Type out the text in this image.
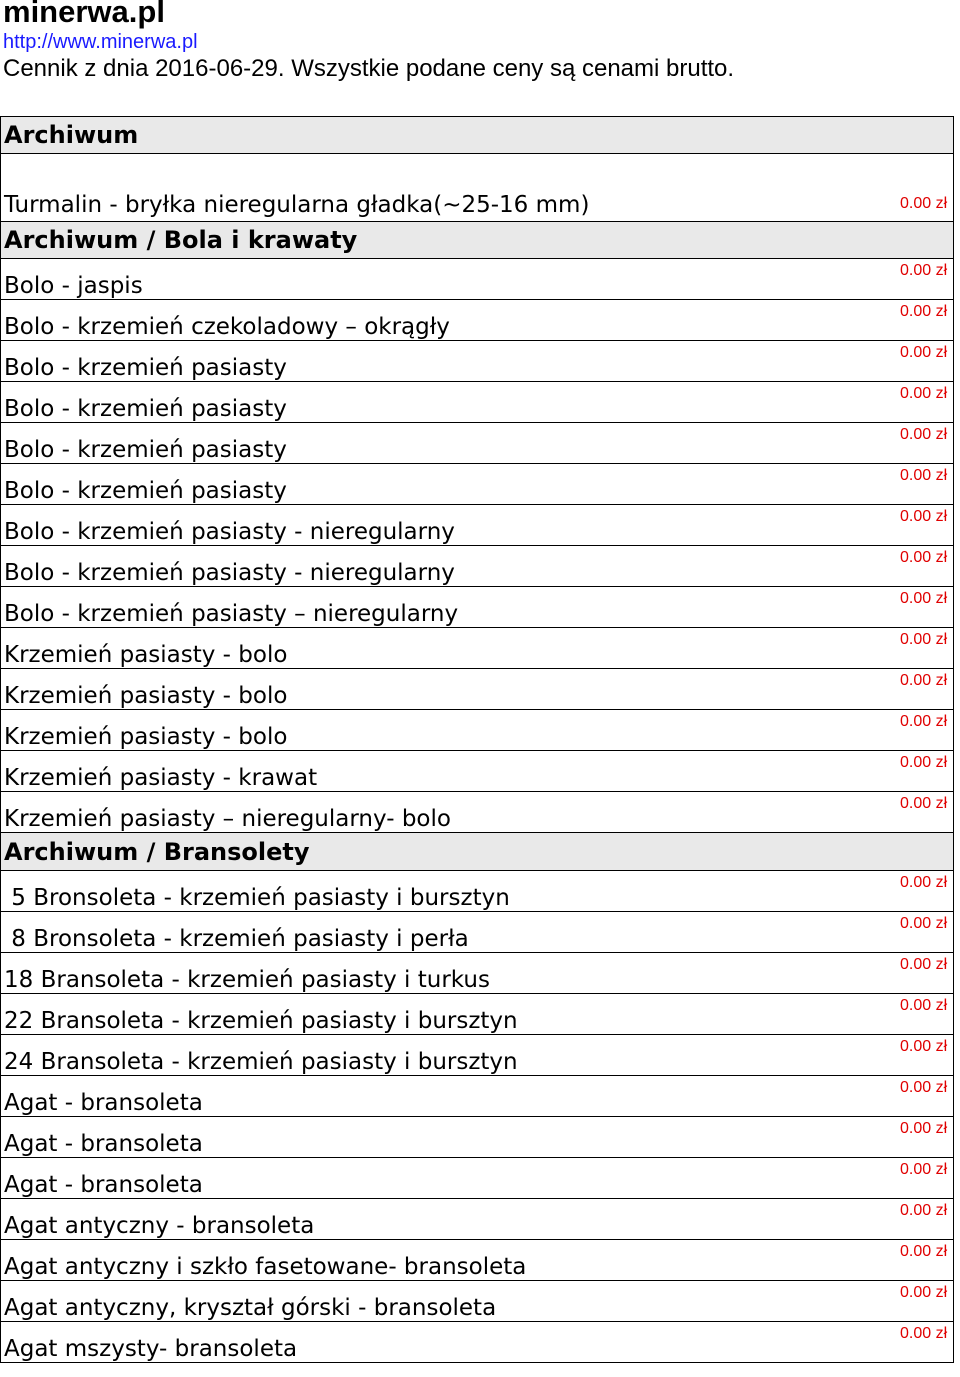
minerwa.pl
http://www.minerwa.pl
Cennik z dnia 2016-06-29. Wszystkie podane ceny są cenami brutto.
Archiwum
Turmalin - bryłka nieregularna gładka(~25-16 mm)	0.00 zł
Archiwum / Bola i krawaty
Bolo - jaspis
0.00 zł
Bolo - krzemień czekoladowy – okrągły
0.00 zł
Bolo - krzemień pasiasty
0.00 zł
Bolo - krzemień pasiasty
0.00 zł
Bolo - krzemień pasiasty
0.00 zł
Bolo - krzemień pasiasty
0.00 zł
Bolo - krzemień pasiasty - nieregularny
0.00 zł
Bolo - krzemień pasiasty - nieregularny
0.00 zł
Bolo - krzemień pasiasty – nieregularny
0.00 zł
Krzemień pasiasty - bolo
0.00 zł
Krzemień pasiasty - bolo
0.00 zł
Krzemień pasiasty - bolo
0.00 zł
Krzemień pasiasty - krawat
0.00 zł
Krzemień pasiasty – nieregularny- bolo
0.00 zł
Archiwum / Bransolety
5 Bronsoleta - krzemień pasiasty i bursztyn
0.00 zł
8 Bronsoleta - krzemień pasiasty i perła
0.00 zł
18 Bransoleta - krzemień pasiasty i turkus
0.00 zł
22 Bransoleta - krzemień pasiasty i bursztyn
0.00 zł
24 Bransoleta - krzemień pasiasty i bursztyn
0.00 zł
Agat - bransoleta
0.00 zł
Agat - bransoleta
0.00 zł
Agat - bransoleta
0.00 zł
Agat antyczny - bransoleta
0.00 zł
Agat antyczny i szkło fasetowane- bransoleta
0.00 zł
Agat antyczny, kryształ górski - bransoleta
0.00 zł
Agat mszysty- bransoleta
0.00 zł
